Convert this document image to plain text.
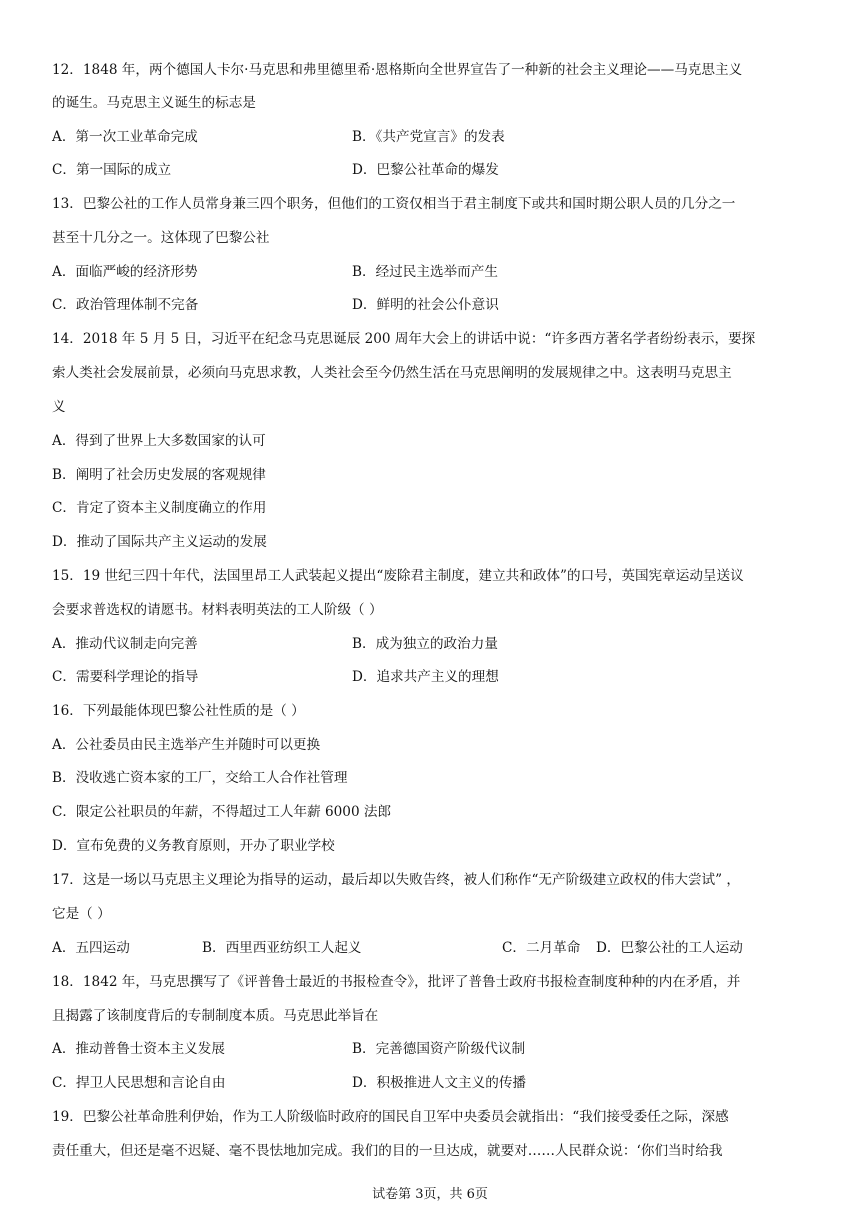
12．1848 年，两个德国人卡尔·马克思和弗里德里希·恩格斯向全世界宣告了一种新的社会主义理论——马克思主义
的诞生。马克思主义诞生的标志是
A．第一次工业革命完成	B．《共产党宣言》的发表
C．第一国际的成立	D．巴黎公社革命的爆发
13．巴黎公社的工作人员常身兼三四个职务，但他们的工资仅相当于君主制度下或共和国时期公职人员的几分之一
甚至十几分之一。这体现了巴黎公社
A．面临严峻的经济形势	B．经过民主选举而产生
C．政治管理体制不完备	D．鲜明的社会公仆意识
14．2018 年 5 月 5 日，习近平在纪念马克思诞辰 200 周年大会上的讲话中说：“许多西方著名学者纷纷表示，要探
索人类社会发展前景，必须向马克思求教，人类社会至今仍然生活在马克思阐明的发展规律之中。这表明马克思主
义
A．得到了世界上大多数国家的认可
B．阐明了社会历史发展的客观规律
C．肯定了资本主义制度确立的作用
D．推动了国际共产主义运动的发展
15．19 世纪三四十年代，法国里昂工人武装起义提出“废除君主制度，建立共和政体”的口号，英国宪章运动呈送议
会要求普选权的请愿书。材料表明英法的工人阶级（ ）
A．推动代议制走向完善	B．成为独立的政治力量
C．需要科学理论的指导	D．追求共产主义的理想
16．下列最能体现巴黎公社性质的是（ ）
A．公社委员由民主选举产生并随时可以更换
B．没收逃亡资本家的工厂，交给工人合作社管理
C．限定公社职员的年薪，不得超过工人年薪 6000 法郎
D．宣布免费的义务教育原则，开办了职业学校
17．这是一场以马克思主义理论为指导的运动，最后却以失败告终，被人们称作“无产阶级建立政权的伟大尝试” ，
它是（ ）
A．五四运动	B．西里西亚纺织工人起义	C．二月革命 D．巴黎公社的工人运动
18．1842 年，马克思撰写了《评普鲁士最近的书报检查令》，批评了普鲁士政府书报检查制度种种的内在矛盾，并
且揭露了该制度背后的专制制度本质。马克思此举旨在
A．推动普鲁士资本主义发展	B．完善德国资产阶级代议制
C．捍卫人民思想和言论自由	D．积极推进人文主义的传播
19．巴黎公社革命胜利伊始，作为工人阶级临时政府的国民自卫军中央委员会就指出：“我们接受委任之际，深感
责任重大，但还是毫不迟疑、毫不畏怯地加完成。我们的目的一旦达成，就要对……人民群众说：‘你们当时给我
试卷第 3页，共 6页
